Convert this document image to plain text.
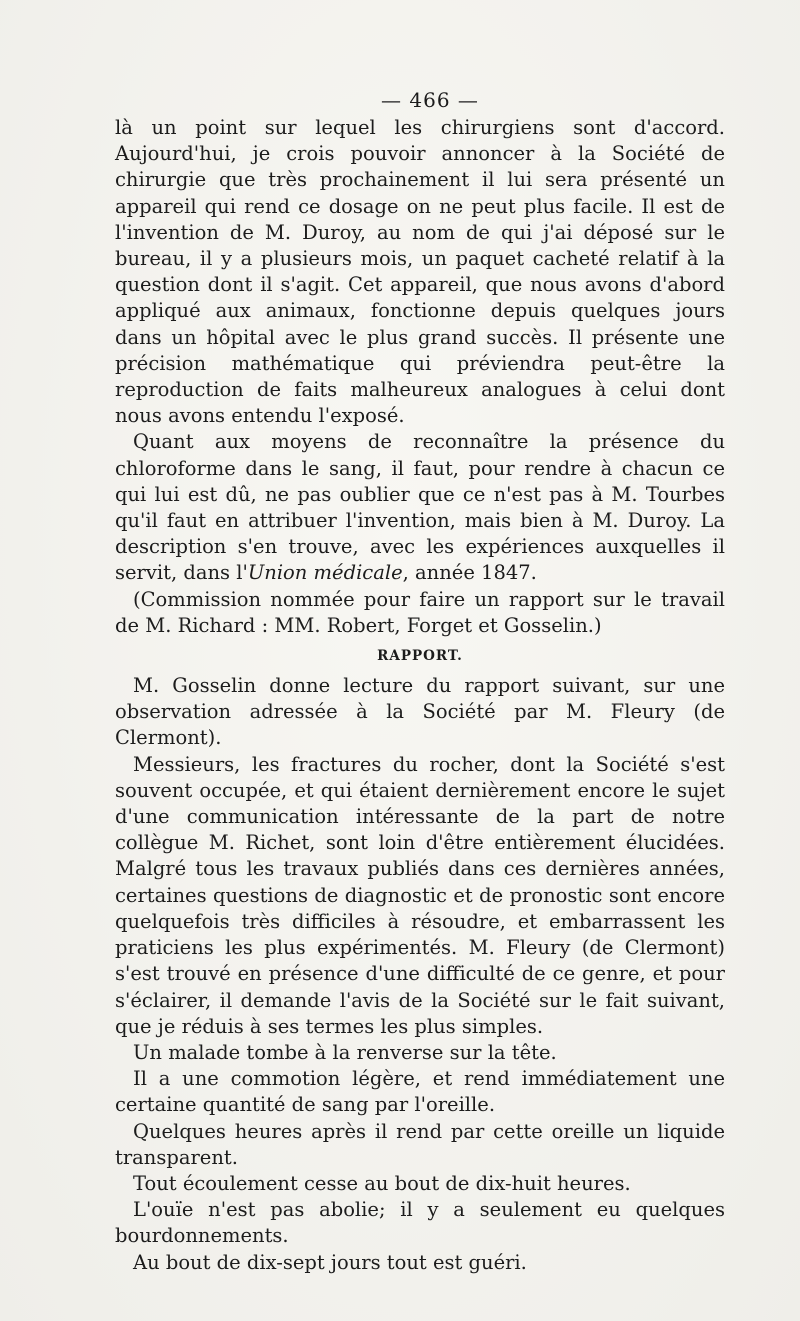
— 466 —

là un point sur lequel les chirurgiens sont d'accord. Aujourd'hui, je crois pouvoir annoncer à la Société de chirurgie que très prochainement il lui sera présenté un appareil qui rend ce dosage on ne peut plus facile. Il est de l'invention de M. Duroy, au nom de qui j'ai déposé sur le bureau, il y a plusieurs mois, un paquet cacheté relatif à la question dont il s'agit. Cet appareil, que nous avons d'abord appliqué aux animaux, fonctionne depuis quelques jours dans un hôpital avec le plus grand succès. Il présente une précision mathématique qui préviendra peut-être la reproduction de faits malheureux analogues à celui dont nous avons entendu l'exposé.

Quant aux moyens de reconnaître la présence du chloroforme dans le sang, il faut, pour rendre à chacun ce qui lui est dû, ne pas oublier que ce n'est pas à M. Tourbes qu'il faut en attribuer l'invention, mais bien à M. Duroy. La description s'en trouve, avec les expériences auxquelles il servit, dans l'Union médicale, année 1847.

(Commission nommée pour faire un rapport sur le travail de M. Richard : MM. Robert, Forget et Gosselin.)

RAPPORT.

M. Gosselin donne lecture du rapport suivant, sur une observation adressée à la Société par M. Fleury (de Clermont).

Messieurs, les fractures du rocher, dont la Société s'est souvent occupée, et qui étaient dernièrement encore le sujet d'une communication intéressante de la part de notre collègue M. Richet, sont loin d'être entièrement élucidées. Malgré tous les travaux publiés dans ces dernières années, certaines questions de diagnostic et de pronostic sont encore quelquefois très difficiles à résoudre, et embarrassent les praticiens les plus expérimentés. M. Fleury (de Clermont) s'est trouvé en présence d'une difficulté de ce genre, et pour s'éclairer, il demande l'avis de la Société sur le fait suivant, que je réduis à ses termes les plus simples.

Un malade tombe à la renverse sur la tête.

Il a une commotion légère, et rend immédiatement une certaine quantité de sang par l'oreille.

Quelques heures après il rend par cette oreille un liquide transparent.

Tout écoulement cesse au bout de dix-huit heures.

L'ouïe n'est pas abolie; il y a seulement eu quelques bourdonnements.

Au bout de dix-sept jours tout est guéri.
